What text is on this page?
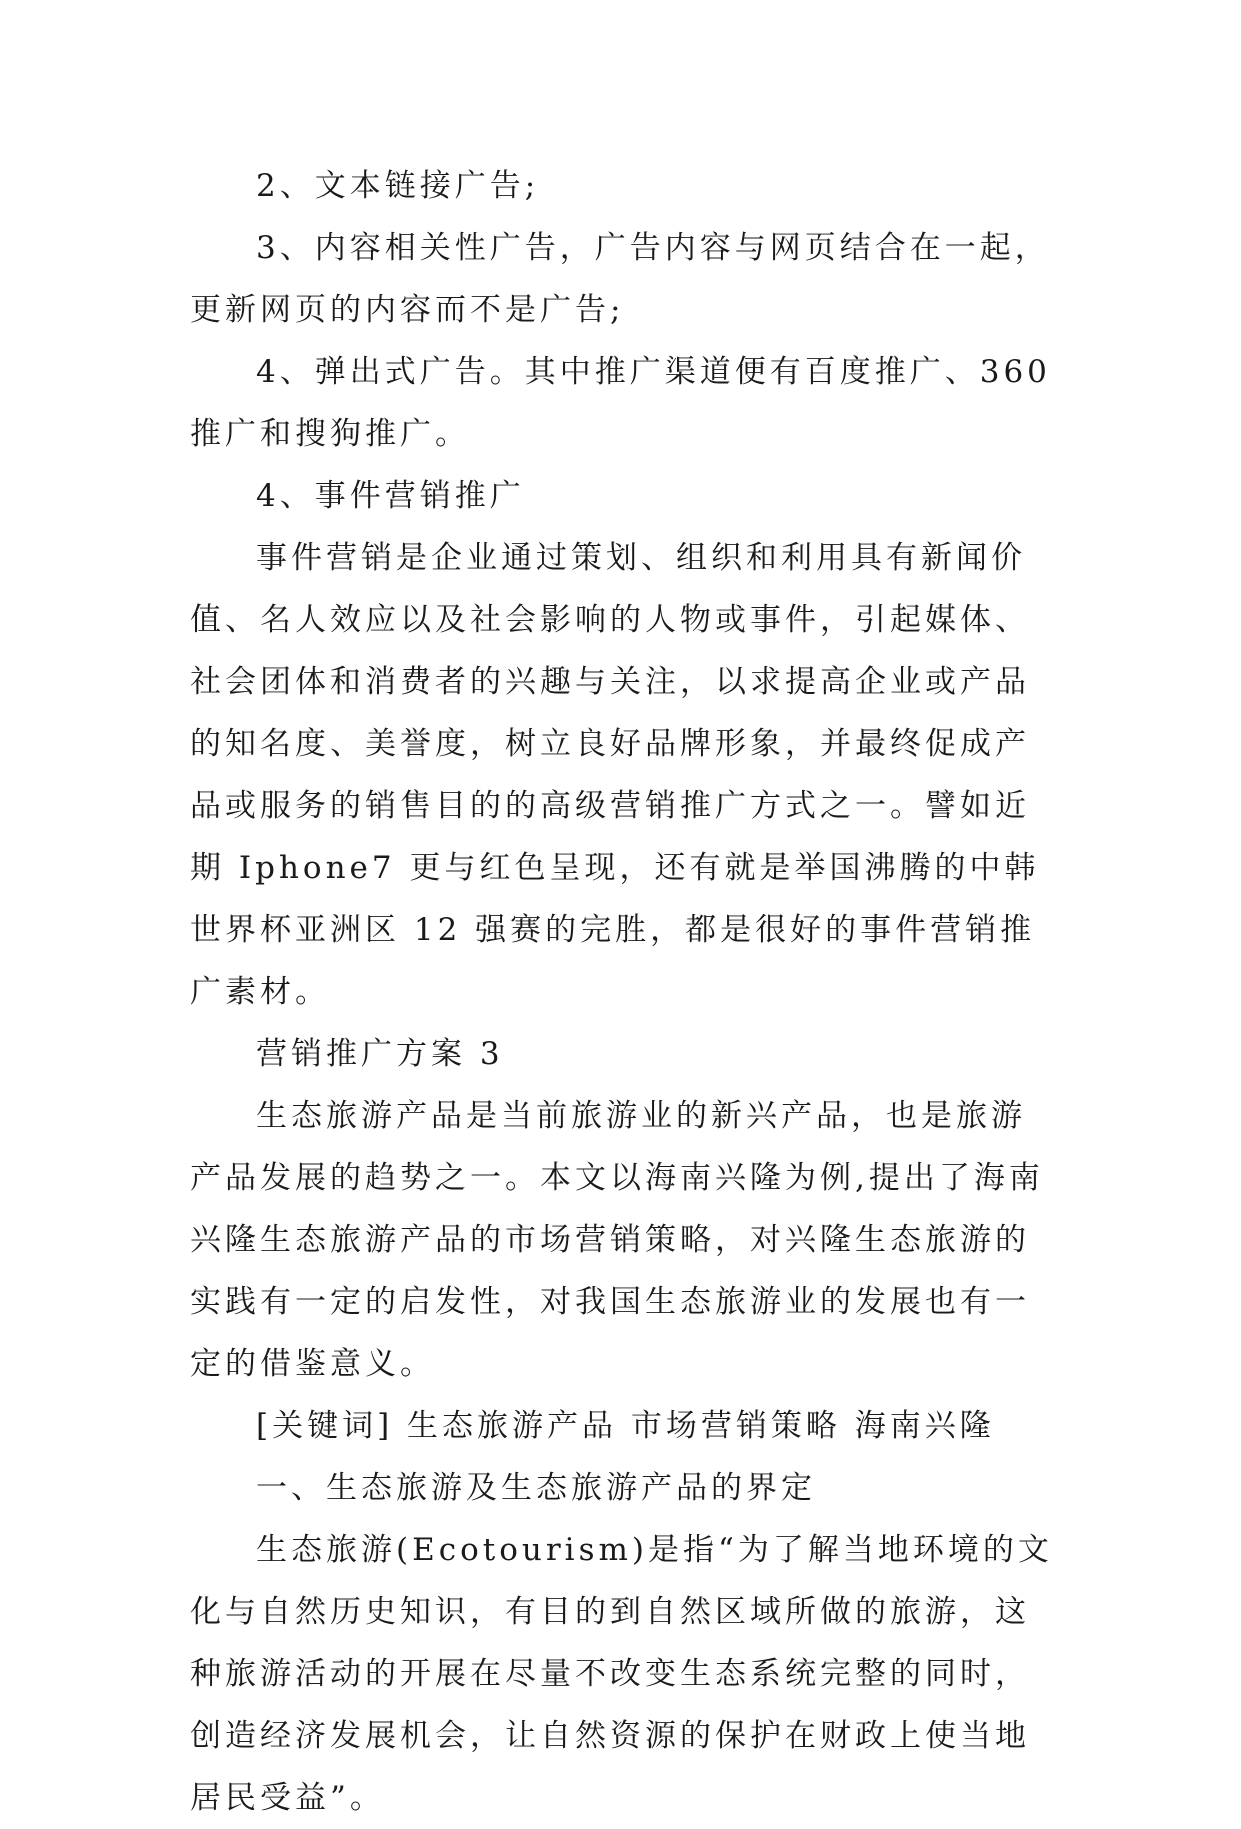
2、文本链接广告;

3、内容相关性广告，广告内容与网页结合在一起，更新网页的内容而不是广告;

4、弹出式广告。其中推广渠道便有百度推广、360 推广和搜狗推广。

4、事件营销推广

事件营销是企业通过策划、组织和利用具有新闻价值、名人效应以及社会影响的人物或事件，引起媒体、社会团体和消费者的兴趣与关注，以求提高企业或产品的知名度、美誉度，树立良好品牌形象，并最终促成产品或服务的销售目的的高级营销推广方式之一。譬如近期 Iphone7 更与红色呈现，还有就是举国沸腾的中韩世界杯亚洲区 12 强赛的完胜，都是很好的事件营销推广素材。

营销推广方案 3

生态旅游产品是当前旅游业的新兴产品，也是旅游产品发展的趋势之一。本文以海南兴隆为例,提出了海南兴隆生态旅游产品的市场营销策略，对兴隆生态旅游的实践有一定的启发性，对我国生态旅游业的发展也有一定的借鉴意义。

[关键词] 生态旅游产品 市场营销策略 海南兴隆

一、生态旅游及生态旅游产品的界定

生态旅游(Ecotourism)是指“为了解当地环境的文化与自然历史知识，有目的到自然区域所做的旅游，这种旅游活动的开展在尽量不改变生态系统完整的同时，创造经济发展机会，让自然资源的保护在财政上使当地居民受益”。
